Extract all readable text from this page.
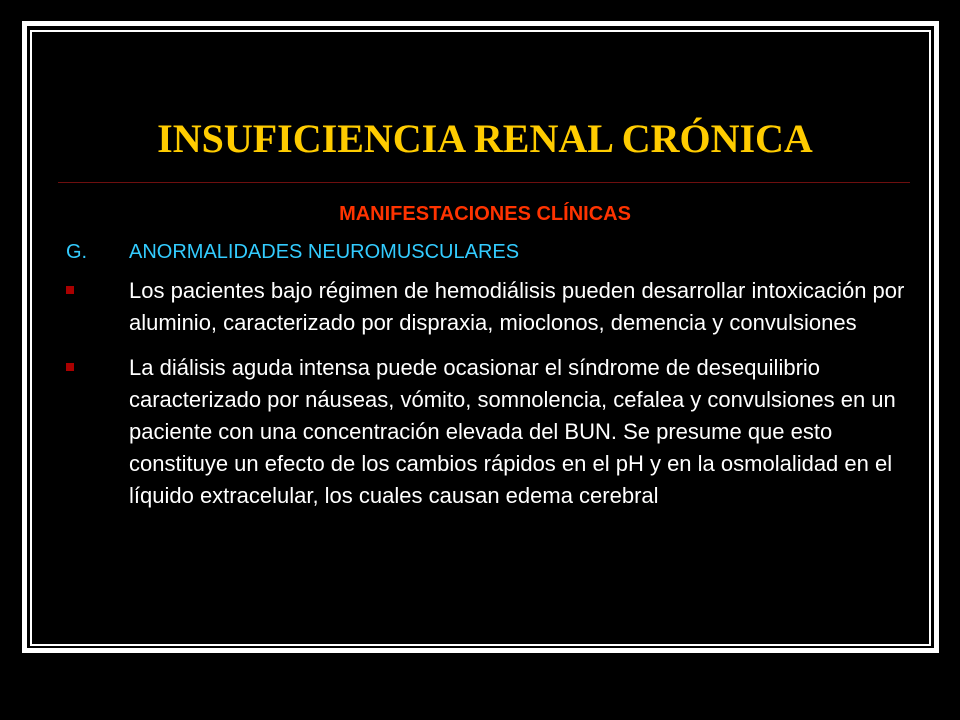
INSUFICIENCIA RENAL CRÓNICA
MANIFESTACIONES CLÍNICAS
G. ANORMALIDADES NEUROMUSCULARES
Los pacientes bajo régimen de hemodiálisis pueden desarrollar intoxicación por aluminio, caracterizado por dispraxia, mioclonos, demencia y convulsiones
La diálisis aguda intensa puede ocasionar el síndrome de desequilibrio caracterizado por náuseas, vómito, somnolencia, cefalea y convulsiones en un paciente con una concentración elevada del BUN. Se presume que esto constituye un efecto de los cambios rápidos en el pH y en la osmolalidad en el líquido extracelular, los cuales causan edema cerebral
